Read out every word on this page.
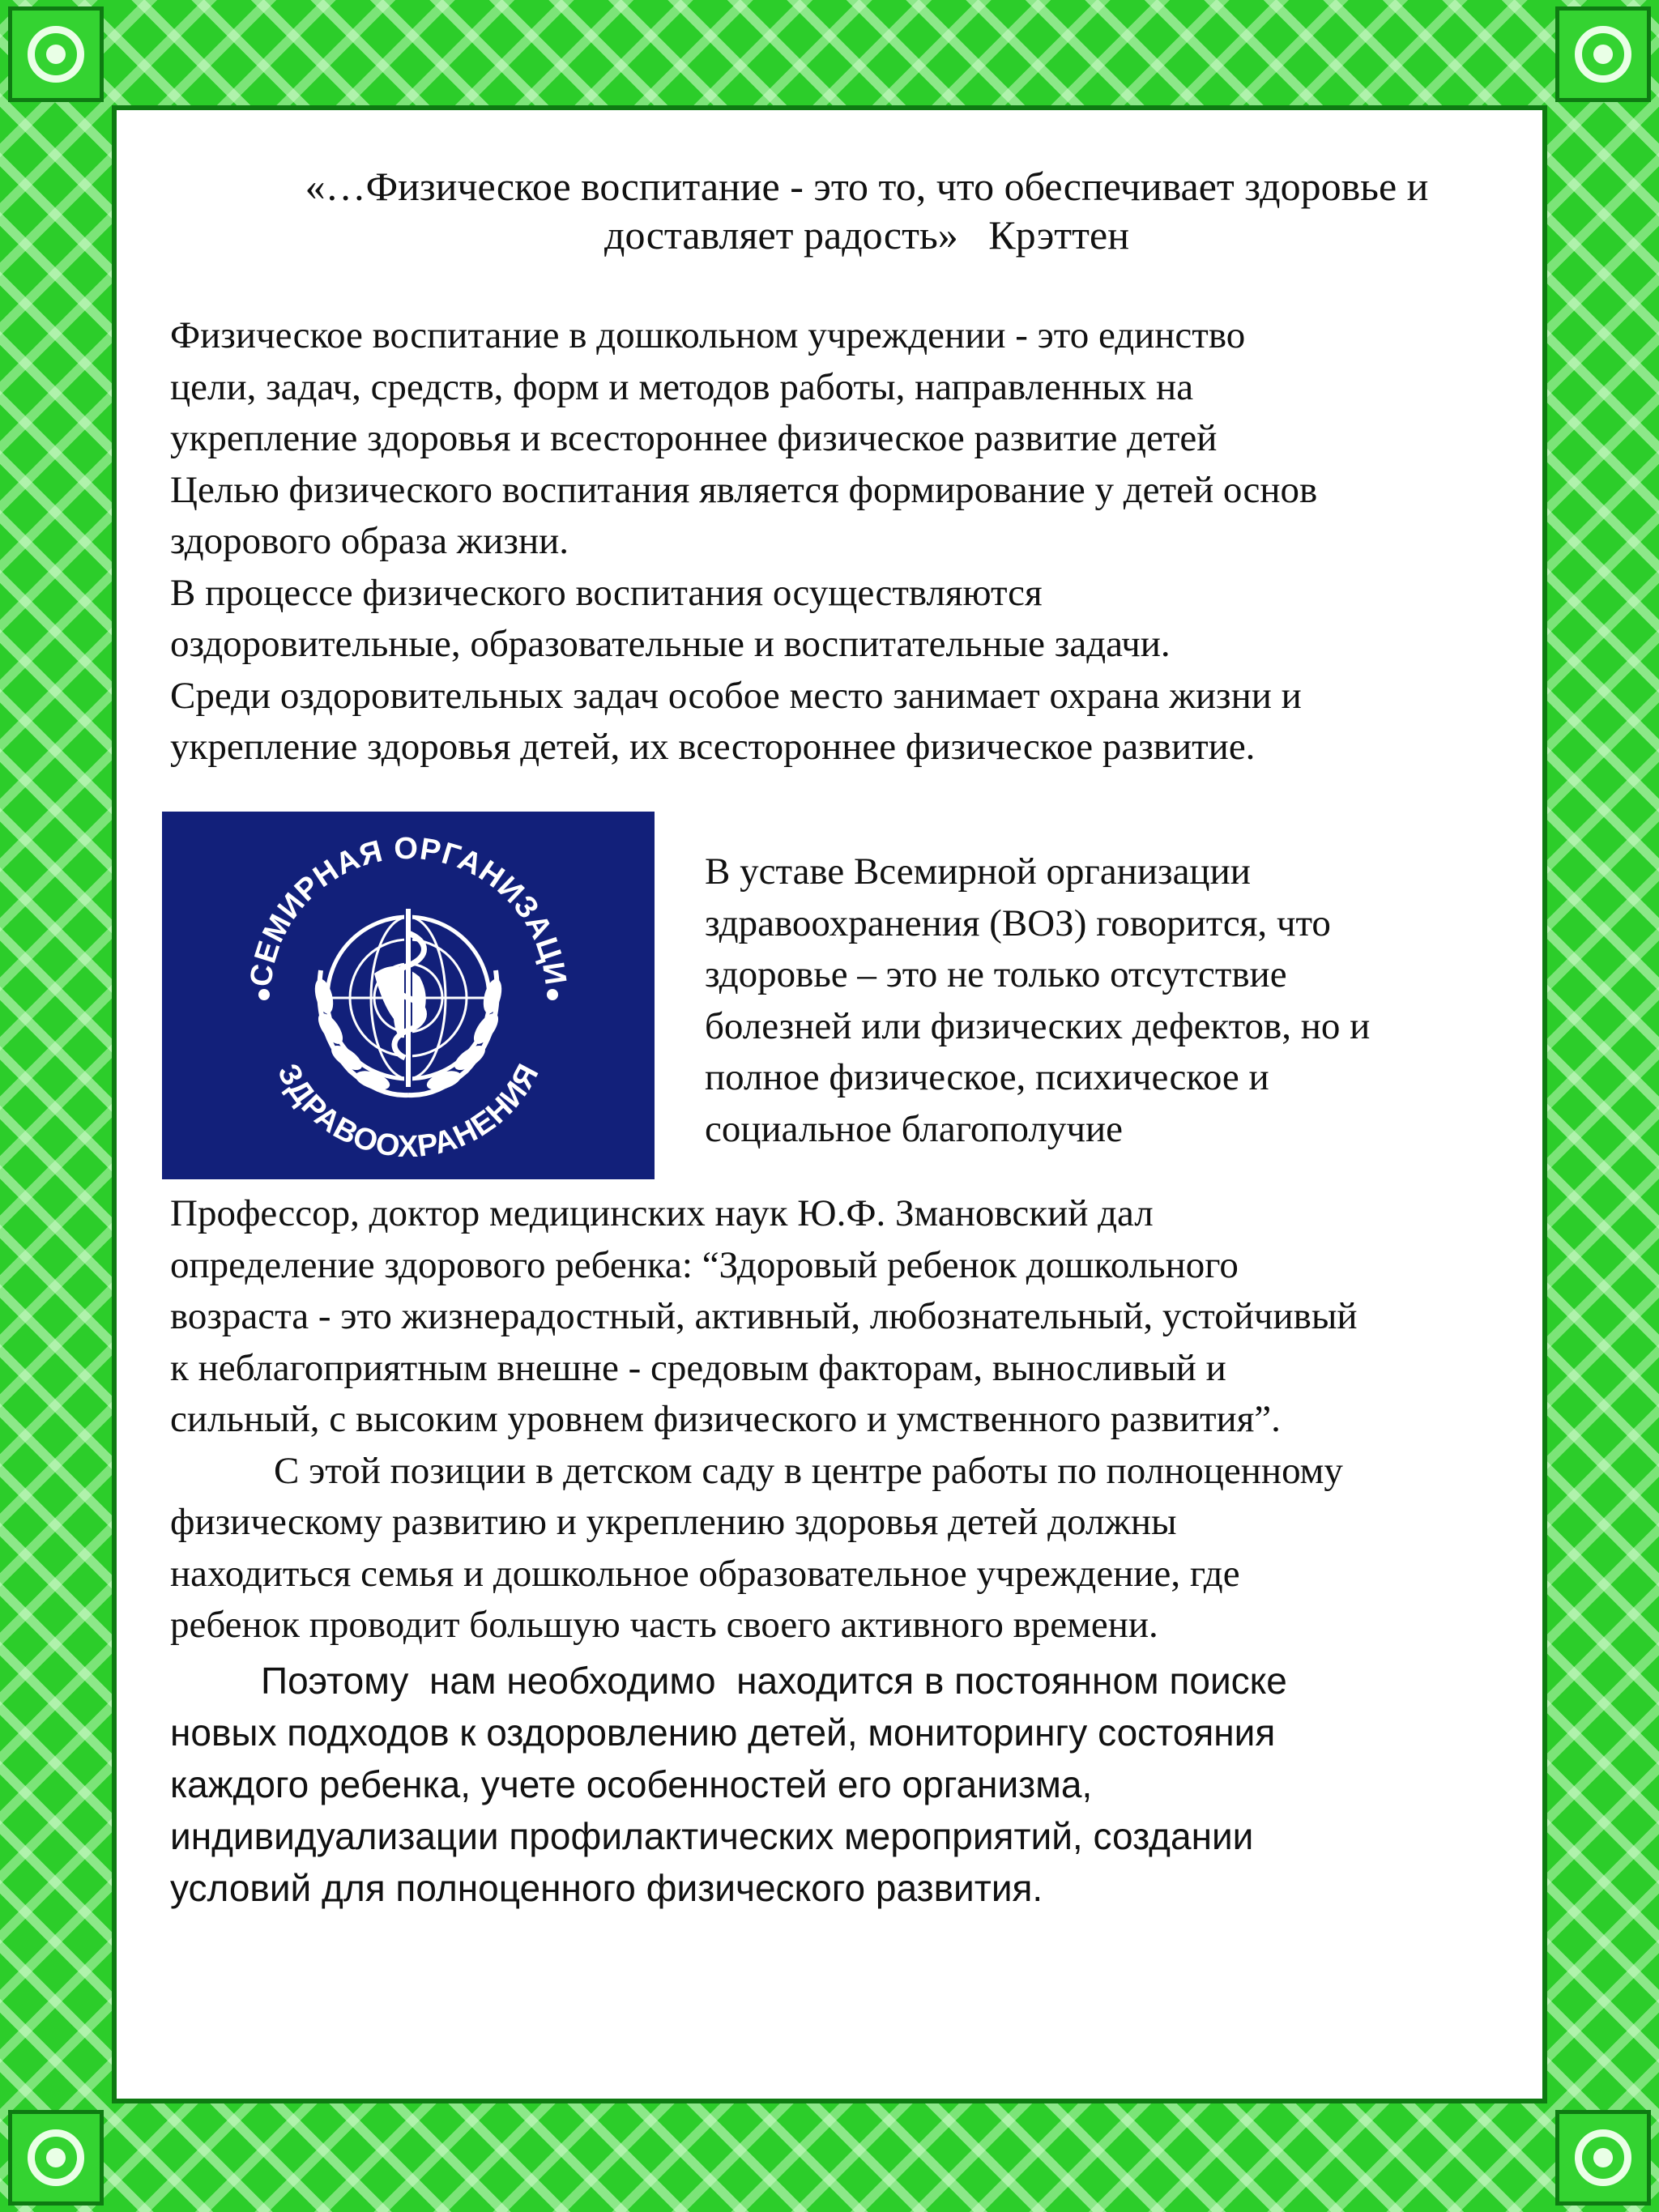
«…Физическое воспитание - это то, что обеспечивает здоровье и
доставляет радость»   Крэттен
Физическое воспитание в дошкольном учреждении - это единство
цели, задач, средств, форм и методов работы, направленных на
укрепление здоровья и всестороннее физическое развитие детей
Целью физического воспитания является формирование у детей основ
здорового образа жизни.
В процессе физического воспитания осуществляются
оздоровительные, образовательные и воспитательные задачи.
Среди оздоровительных задач особое место занимает охрана жизни и
укрепление здоровья детей, их всестороннее физическое развитие.
СЕМИРНАЯ ОРГАНИЗАЦИ
ЗДРАВООХРАНЕНИЯ
В уставе Всемирной организации
здравоохранения (ВОЗ) говорится, что
здоровье – это не только отсутствие
болезней или физических дефектов, но и
полное физическое, психическое и
социальное благополучие
Профессор, доктор медицинских наук Ю.Ф. Змановский дал
определение здорового ребенка: “Здоровый ребенок дошкольного
возраста - это жизнерадостный, активный, любознательный, устойчивый
к неблагоприятным внешне - средовым факторам, выносливый и
сильный, с высоким уровнем физического и умственного развития”.
С этой позиции в детском саду в центре работы по полноценному
физическому развитию и укреплению здоровья детей должны
находиться семья и дошкольное образовательное учреждение, где
ребенок проводит большую часть своего активного времени.
Поэтому  нам необходимо  находится в постоянном поиске
новых подходов к оздоровлению детей, мониторингу состояния
каждого ребенка, учете особенностей его организма,
индивидуализации профилактических мероприятий, создании
условий для полноценного физического развития.
